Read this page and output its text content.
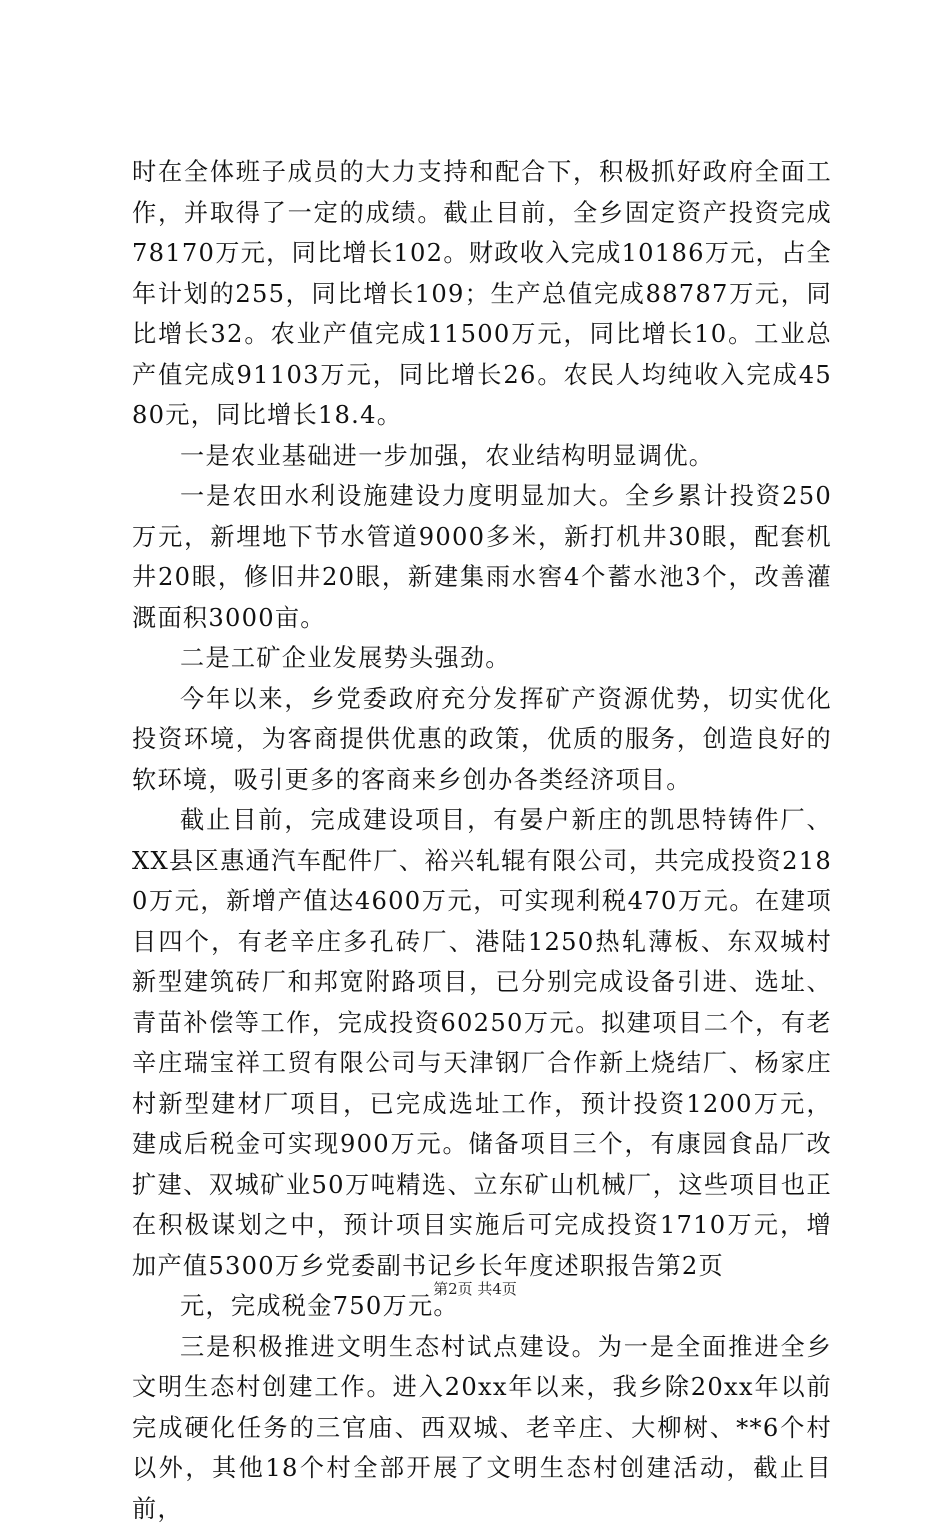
时在全体班子成员的大力支持和配合下，积极抓好政府全面工作，并取得了一定的成绩。截止目前，全乡固定资产投资完成78170万元，同比增长102。财政收入完成10186万元，占全年计划的255，同比增长109；生产总值完成88787万元，同比增长32。农业产值完成11500万元，同比增长10。工业总产值完成91103万元，同比增长26。农民人均纯收入完成4580元，同比增长18.4。

一是农业基础进一步加强，农业结构明显调优。

一是农田水利设施建设力度明显加大。全乡累计投资250万元，新埋地下节水管道9000多米，新打机井30眼，配套机井20眼，修旧井20眼，新建集雨水窖4个蓄水池3个，改善灌溉面积3000亩。

二是工矿企业发展势头强劲。

今年以来，乡党委政府充分发挥矿产资源优势，切实优化投资环境，为客商提供优惠的政策，优质的服务，创造良好的软环境，吸引更多的客商来乡创办各类经济项目。

截止目前，完成建设项目，有晏户新庄的凯思特铸件厂、XX县区惠通汽车配件厂、裕兴轧辊有限公司，共完成投资2180万元，新增产值达4600万元，可实现利税470万元。在建项目四个，有老辛庄多孔砖厂、港陆1250热轧薄板、东双城村新型建筑砖厂和邦宽附路项目，已分别完成设备引进、选址、青苗补偿等工作，完成投资60250万元。拟建项目二个，有老辛庄瑞宝祥工贸有限公司与天津钢厂合作新上烧结厂、杨家庄村新型建材厂项目，已完成选址工作，预计投资1200万元，建成后税金可实现900万元。储备项目三个，有康园食品厂改扩建、双城矿业50万吨精选、立东矿山机械厂，这些项目也正在积极谋划之中，预计项目实施后可完成投资1710万元，增加产值5300万乡党委副书记乡长年度述职报告第2页

元，完成税金750万元。

三是积极推进文明生态村试点建设。为一是全面推进全乡文明生态村创建工作。进入20xx年以来，我乡除20xx年以前完成硬化任务的三官庙、西双城、老辛庄、大柳树、**6个村以外，其他18个村全部开展了文明生态村创建活动，截止目前，

第2页 共4页
